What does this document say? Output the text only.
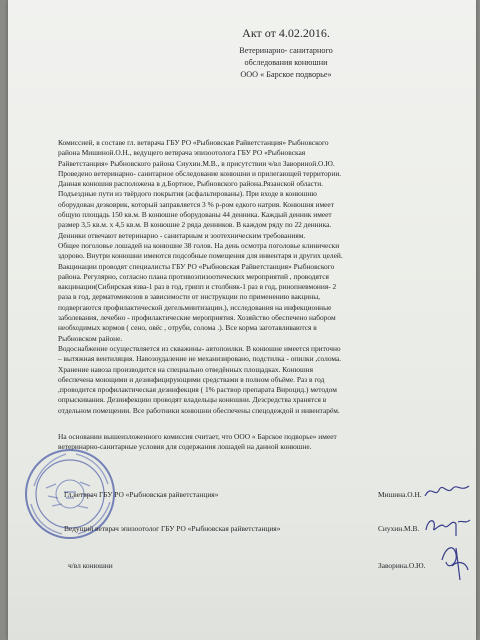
Акт от 4.02.2016.
Ветеринарно- санитарного
обследования конюшни
ООО « Барское подворье»

Комиссией, в составе гл. ветврача ГБУ РО «Рыбновская Райветстанция» Рыбновского

района Мишиной.О.Н., ведущего ветврача эпизоотолога ГБУ РО «Рыбновская

Райветстанция» Рыбновского района Сиухин.М.В., в присутствии ч/вл Завориной.О.Ю.

Проведено ветеринарно- санитарное обследование конюшни и прилегающей территории.

Данная конюшня расположена в д.Бортное, Рыбновского района.Рязанской области.

Подъездные пути из твёрдого покрытия (асфальтированы). При входе в конюшню

оборудован дезковрик, который заправляется 3 % р-ром едкого натрия. Конюшня имеет

общую площадь 150 кв.м. В конюшне оборудованы 44 денника. Каждый денник имеет

размер 3,5 кв.м. х 4,5 кв.м. В конюшне 2 ряда денников. В каждом ряду по 22 денника.

Денники отвечают ветеринарно - санитарным и зоотехническим требованиям.

Общее поголовье лошадей на конюшне 38 голов. На день осмотра поголовье клинически

здорово. Внутри конюшни имеются подсобные помещения для инвентаря и других целей.

Вакцинации проводят специалисты ГБУ РО «Рыбновская Райветстанция» Рыбновского

района. Регулярно, согласно плана противоэпизоотических мероприятий , проводятся

вакцинации(Сибирская язва-1 раз в год, грипп и столбняк-1 раз в год, ринопневмония- 2

раза в год, дерматомикозов в зависимости от инструкции по применению вакцины,

подвергаются профилактической дегельминтизации.), исследования на инфекционные

заболевания, лечебно - профилактические мероприятия. Хозяйство обеспечено набором

необходимых кормов ( сено, овёс , отруби, солома .). Все корма заготавливаются в

Рыбновском районе.

Водоснабжение осуществляется из скважины- автопоилки. В конюшне имеется приточно

– вытяжная вентиляция. Навозоудаление не механизировано, подстилка - опилки ,солома.

Хранение навоза производится на специально отведённых площадках. Конюшня

обеспечена моющими и дезинфицирующими средствами в полном объёме. Раз в год

,проводится профилактическая дезинфекция ( 1% раствор препарата Вироцид.) методом

опрыскивания. Дезинфекцию проводят владельцы конюшни. Дезсредства хранятся в

отдельном помещении. Все работники конюшни обеспечены спецодеждой и инвентарём.

На основании вышеизложенного комиссия считает, что ООО « Барское подворье» имеет
ветеринарно-санитарные условия для содержания лошадей на данной конюшне.
Гл.ветврач ГБУ РО «Рыбновская райветстанция»	Мишина.О.Н.
Ведущий ветврач эпизоотолог ГБУ РО «Рыбновская райветстанция»	Сиухин.М.В.
ч/вл конюшни	Заворина.О.Ю.
